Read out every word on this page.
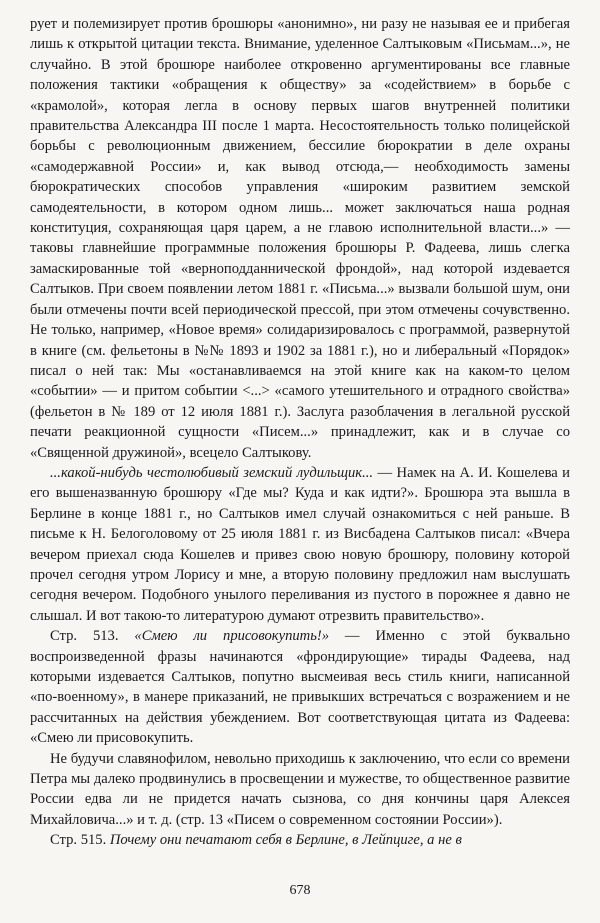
рует и полемизирует против брошюры «анонимно», ни разу не называя ее и прибегая лишь к открытой цитации текста. Внимание, уделенное Салтыковым «Письмам...», не случайно. В этой брошюре наиболее откровенно аргументированы все главные положения тактики «обращения к обществу» за «содействием» в борьбе с «крамолой», которая легла в основу первых шагов внутренней политики правительства Александра III после 1 марта. Несостоятельность только полицейской борьбы с революционным движением, бессилие бюрократии в деле охраны «самодержавной России» и, как вывод отсюда,— необходимость замены бюрократических способов управления «широким развитием земской самодеятельности, в котором одном лишь... может заключаться наша родная конституция, сохраняющая царя царем, а не главою исполнительной власти...» — таковы главнейшие программные положения брошюры Р. Фадеева, лишь слегка замаскированные той «верноподданнической фрондой», над которой издевается Салтыков. При своем появлении летом 1881 г. «Письма...» вызвали большой шум, они были отмечены почти всей периодической прессой, при этом отмечены сочувственно. Не только, например, «Новое время» солидаризировалось с программой, развернутой в книге (см. фельетоны в №№ 1893 и 1902 за 1881 г.), но и либеральный «Порядок» писал о ней так: Мы «останавливаемся на этой книге как на каком-то целом «событии» — и притом событии <...> «самого утешительного и отрадного свойства» (фельетон в № 189 от 12 июля 1881 г.). Заслуга разоблачения в легальной русской печати реакционной сущности «Писем...» принадлежит, как и в случае со «Священной дружиной», всецело Салтыкову.

...какой-нибудь честолюбивый земский лудильщик... — Намек на А. И. Кошелева и его вышеназванную брошюру «Где мы? Куда и как идти?». Брошюра эта вышла в Берлине в конце 1881 г., но Салтыков имел случай ознакомиться с ней раньше. В письме к Н. Белоголовому от 25 июля 1881 г. из Висбадена Салтыков писал: «Вчера вечером приехал сюда Кошелев и привез свою новую брошюру, половину которой прочел сегодня утром Лорису и мне, а вторую половину предложил нам выслушать сегодня вечером. Подобного унылого переливания из пустого в порожнее я давно не слышал. И вот такою-то литературою думают отрезвить правительство».

Стр. 513. «Смею ли присовокупить!» — Именно с этой буквально воспроизведенной фразы начинаются «фрондирующие» тирады Фадеева, над которыми издевается Салтыков, попутно высмеивая весь стиль книги, написанной «по-военному», в манере приказаний, не привыкших встречаться с возражением и не рассчитанных на действия убеждением. Вот соответствующая цитата из Фадеева: «Смею ли присовокупить.

Не будучи славянофилом, невольно приходишь к заключению, что если со времени Петра мы далеко продвинулись в просвещении и мужестве, то общественное развитие России едва ли не придется начать сызнова, со дня кончины царя Алексея Михайловича...» и т. д. (стр. 13 «Писем о современном состоянии России»).

Стр. 515. Почему они печатают себя в Берлине, в Лейпциге, а не в

678
